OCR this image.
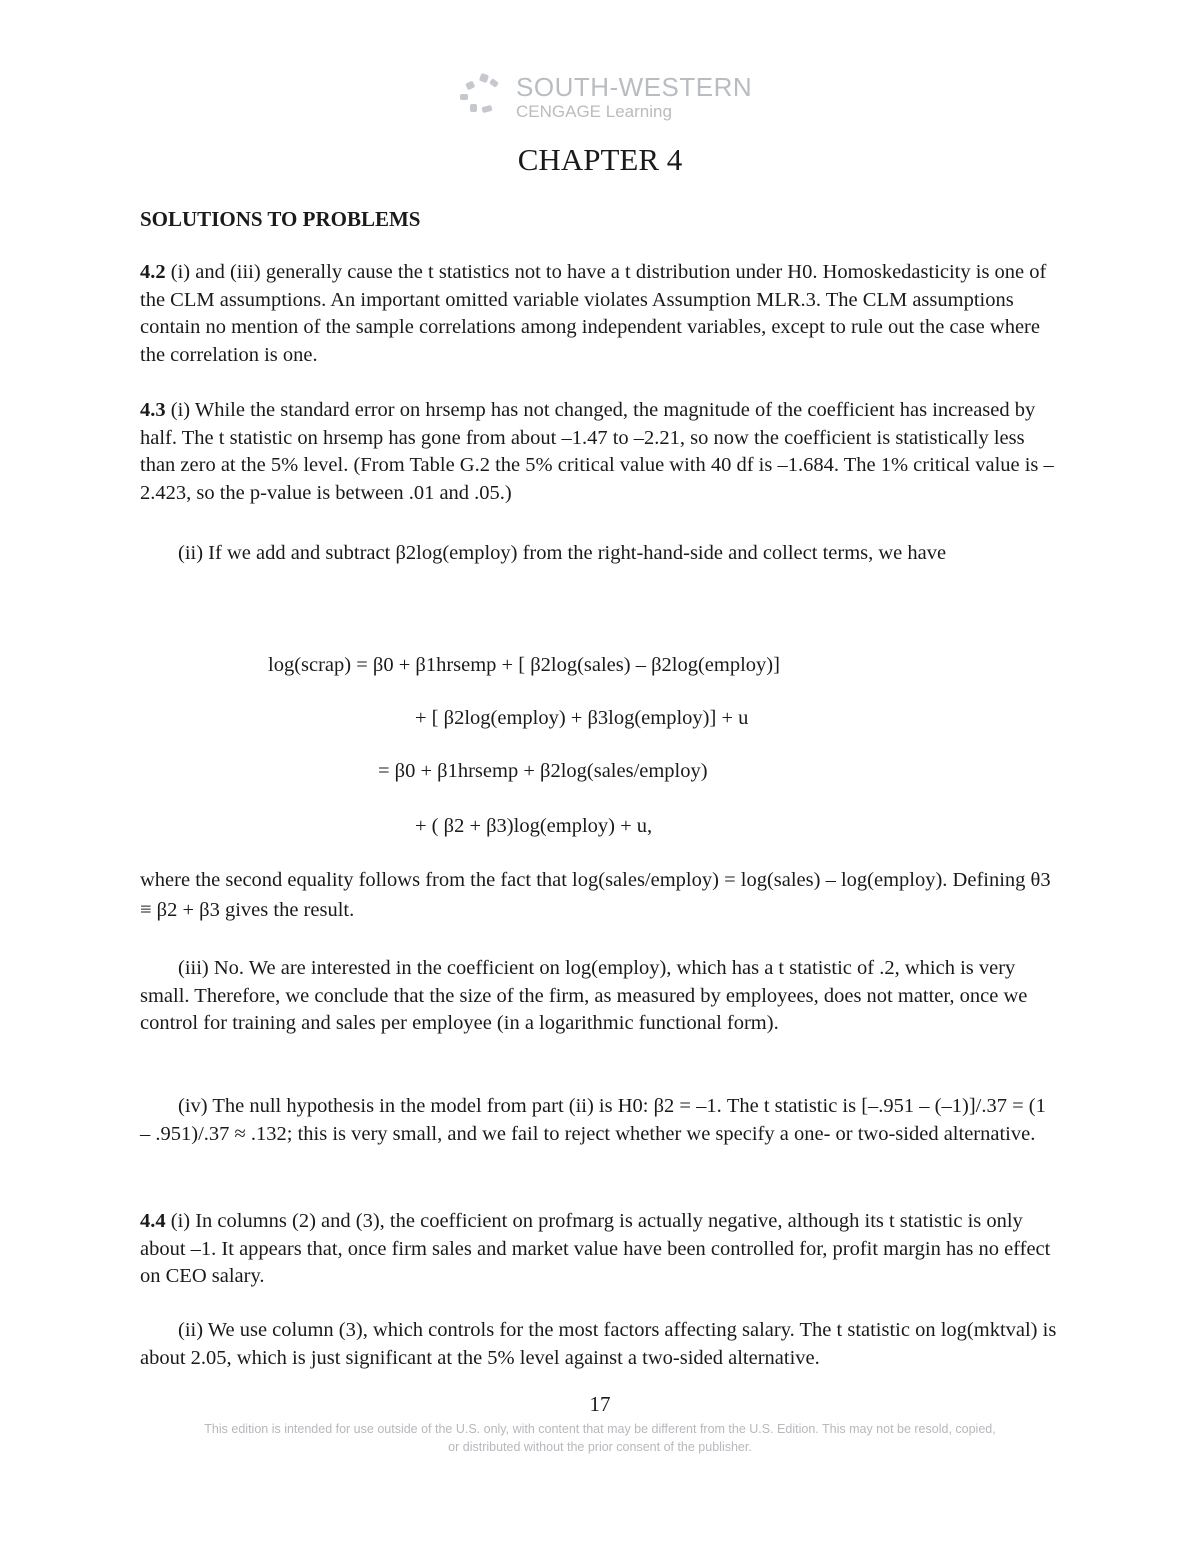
SOUTH-WESTERN
CENGAGE Learning
CHAPTER 4
SOLUTIONS TO PROBLEMS

4.2 (i) and (iii) generally cause the t statistics not to have a t distribution under H0. Homoskedasticity is one of the CLM assumptions. An important omitted variable violates Assumption MLR.3. The CLM assumptions contain no mention of the sample correlations among independent variables, except to rule out the case where the correlation is one.

4.3 (i) While the standard error on hrsemp has not changed, the magnitude of the coefficient has increased by half. The t statistic on hrsemp has gone from about –1.47 to –2.21, so now the coefficient is statistically less than zero at the 5% level. (From Table G.2 the 5% critical value with 40 df is –1.684. The 1% critical value is –2.423, so the p-value is between .01 and .05.)

(ii) If we add and subtract β2log(employ) from the right-hand-side and collect terms, we have

log(scrap) = β0 + β1hrsemp + [ β2log(sales) – β2log(employ)]
+ [ β2log(employ) + β3log(employ)] + u
= β0 + β1hrsemp + β2log(sales/employ)
+ ( β2 + β3)log(employ) + u,

where the second equality follows from the fact that log(sales/employ) = log(sales) – log(employ). Defining θ3 ≡ β2 + β3 gives the result.

(iii) No. We are interested in the coefficient on log(employ), which has a t statistic of .2, which is very small. Therefore, we conclude that the size of the firm, as measured by employees, does not matter, once we control for training and sales per employee (in a logarithmic functional form).

(iv) The null hypothesis in the model from part (ii) is H0: β2 = –1. The t statistic is [–.951 – (–1)]/.37 = (1 – .951)/.37 ≈ .132; this is very small, and we fail to reject whether we specify a one- or two-sided alternative.

4.4 (i) In columns (2) and (3), the coefficient on profmarg is actually negative, although its t statistic is only about –1. It appears that, once firm sales and market value have been controlled for, profit margin has no effect on CEO salary.

(ii) We use column (3), which controls for the most factors affecting salary. The t statistic on log(mktval) is about 2.05, which is just significant at the 5% level against a two-sided alternative.

17
This edition is intended for use outside of the U.S. only, with content that may be different from the U.S. Edition. This may not be resold, copied,
or distributed without the prior consent of the publisher.
